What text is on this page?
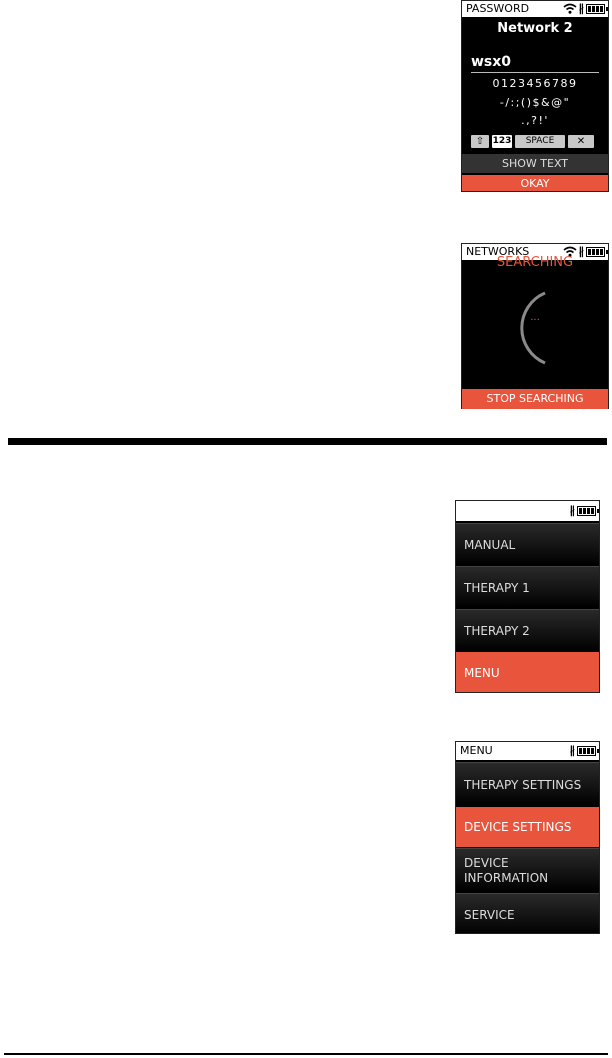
PASSWORD	∦
Network 2
wsx0
0123456789
-/:;()$&@"
.,?!'
⇧ 123	SPACE	✕
SHOW TEXT
OKAY
NETWORKS	∦
SEARCHING
...
STOP SEARCHING
∦
MANUAL
THERAPY 1
THERAPY 2
MENU
MENU	∦
THERAPY SETTINGS
DEVICE SETTINGS
DEVICE INFORMATION
SERVICE
